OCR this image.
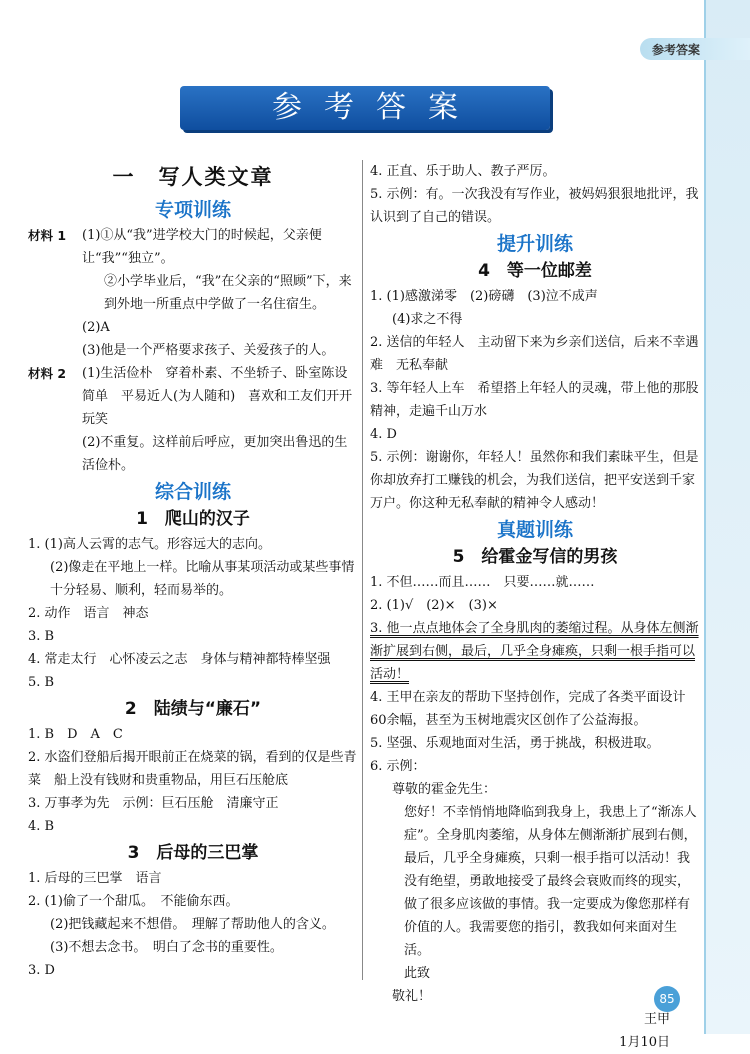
参考答案
参考答案
一　写人类文章
专项训练
材料 1	(1)①从“我”进学校大门的时候起，父亲便让“我”“独立”。
②小学毕业后，“我”在父亲的“照顾”下，来到外地一所重点中学做了一名住宿生。
(2)A
(3)他是一个严格要求孩子、关爱孩子的人。
材料 2	(1)生活俭朴　穿着朴素、不坐轿子、卧室陈设简单　平易近人(为人随和)　喜欢和工友们开开玩笑
(2)不重复。这样前后呼应，更加突出鲁迅的生活俭朴。
综合训练
1　爬山的汉子
1. (1)高人云霄的志气。形容远大的志向。
(2)像走在平地上一样。比喻从事某项活动或某些事情十分轻易、顺利，轻而易举的。
2. 动作　语言　神态
3. B
4. 常走太行　心怀凌云之志　身体与精神都特棒坚强
5. B
2　陆绩与“廉石”
1. B　D　A　C
2. 水盗们登船后揭开眼前正在烧菜的锅，看到的仅是些青菜　船上没有钱财和贵重物品，用巨石压舱底
3. 万事孝为先　示例：巨石压舱　清廉守正
4. B
3　后母的三巴掌
1. 后母的三巴掌　语言
2. (1)偷了一个甜瓜。　不能偷东西。
(2)把钱藏起来不想借。　理解了帮助他人的含义。
(3)不想去念书。　明白了念书的重要性。
3. D
4. 正直、乐于助人、教子严厉。
5. 示例：有。一次我没有写作业，被妈妈狠狠地批评，我认识到了自己的错误。
提升训练
4　等一位邮差
1. (1)感激涕零　(2)磅礴　(3)泣不成声
(4)求之不得
2. 送信的年轻人　主动留下来为乡亲们送信，后来不幸遇难　无私奉献
3. 等年轻人上车　希望搭上年轻人的灵魂，带上他的那股精神，走遍千山万水
4. D
5. 示例：谢谢你，年轻人！虽然你和我们素昧平生，但是你却放弃打工赚钱的机会，为我们送信，把平安送到千家万户。你这种无私奉献的精神令人感动！
真题训练
5　给霍金写信的男孩
1. 不但……而且……　只要……就……
2. (1)√　(2)×　(3)×
3. 他一点点地体会了全身肌肉的萎缩过程。从身体左侧渐渐扩展到右侧，最后，几乎全身瘫痪，只剩一根手指可以活动！
4. 王甲在亲友的帮助下坚持创作，完成了各类平面设计60余幅，甚至为玉树地震灾区创作了公益海报。
5. 坚强、乐观地面对生活，勇于挑战，积极进取。
6. 示例：
尊敬的霍金先生：
您好！不幸悄悄地降临到我身上，我患上了“渐冻人症”。全身肌肉萎缩，从身体左侧渐渐扩展到右侧，最后，几乎全身瘫痪，只剩一根手指可以活动！我没有绝望，勇敢地接受了最终会衰败而终的现实，做了很多应该做的事情。我一定要成为像您那样有价值的人。我需要您的指引，教我如何来面对生活。
此致
敬礼！
王甲
1月10日
85
